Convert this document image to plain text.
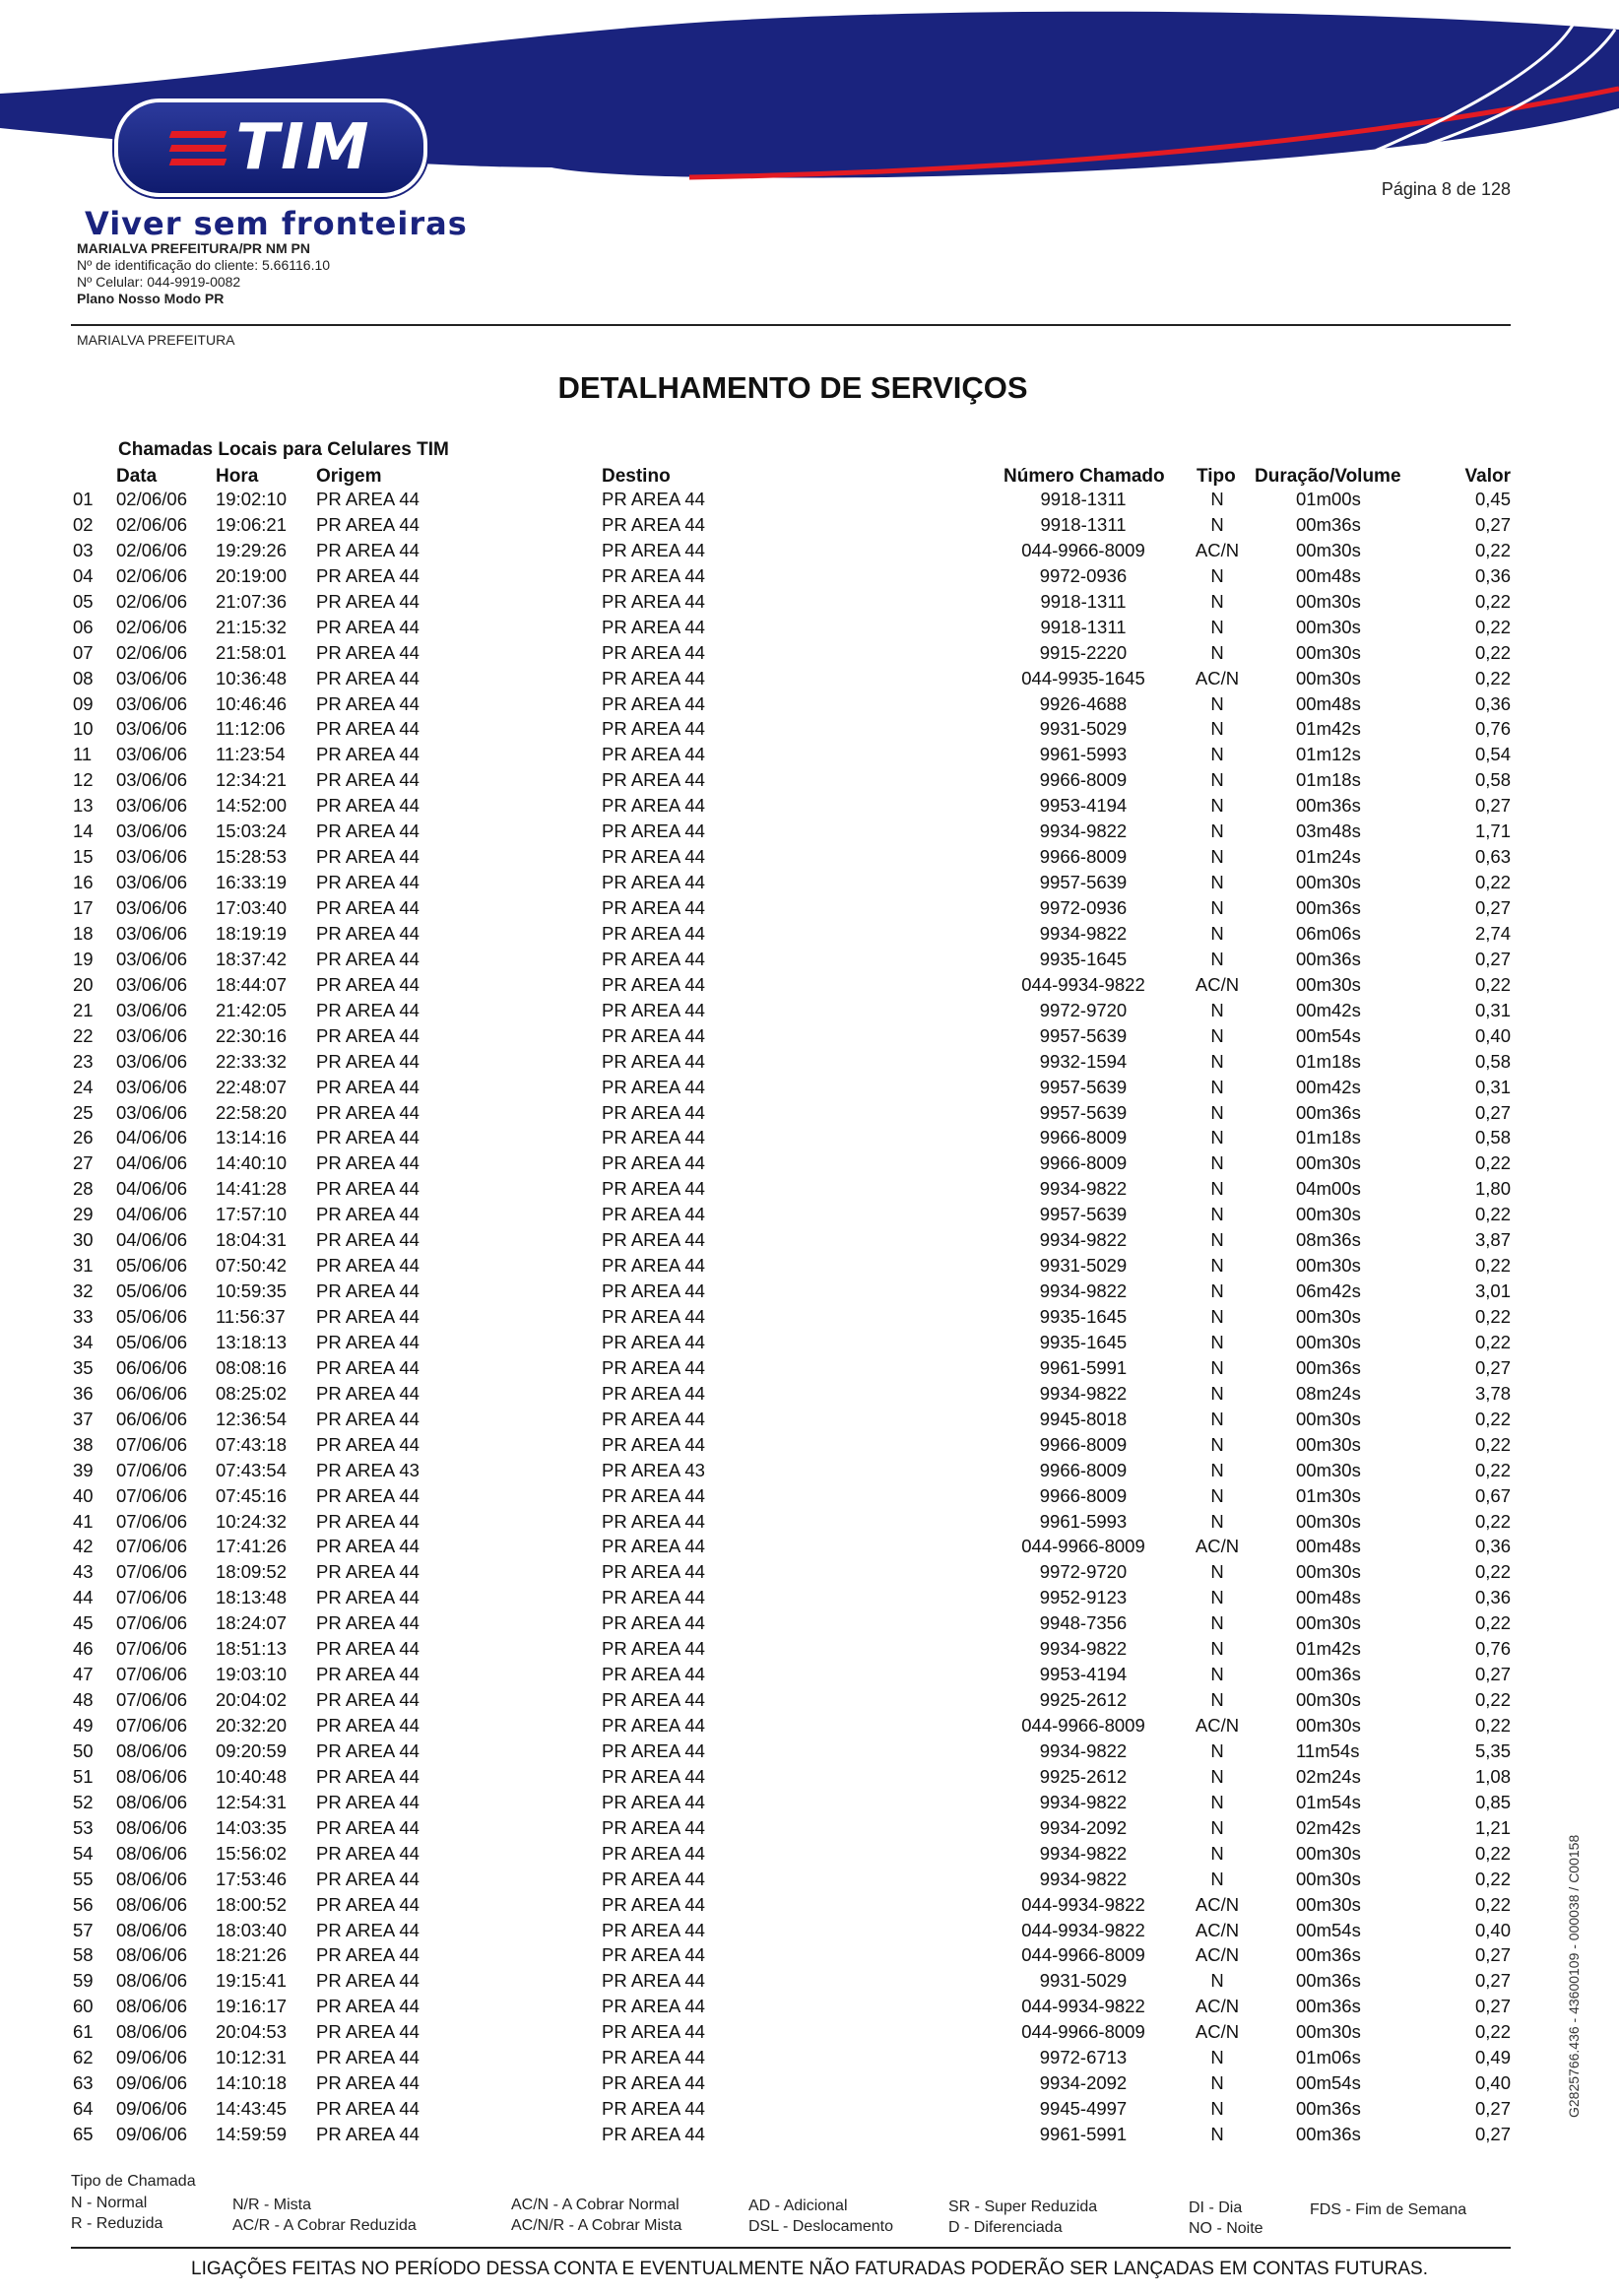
TIM
Viver sem fronteiras
Página 8 de 128
MARIALVA PREFEITURA/PR NM PN
Nº de identificação do cliente: 5.66116.10
Nº Celular: 044-9919-0082
Plano Nosso Modo PR
MARIALVA PREFEITURA
DETALHAMENTO DE SERVIÇOS
Chamadas Locais para Celulares TIM
Data	Hora	Origem	Destino	Número Chamado Tipo Duração/Volume	Valor
01 02/06/06 19:02:10 PR AREA 44	PR AREA 44	9918-1311	N	01m00s	0,45
02 02/06/06 19:06:21 PR AREA 44	PR AREA 44	9918-1311	N	00m36s	0,27
03 02/06/06 19:29:26 PR AREA 44	PR AREA 44	044-9966-8009	AC/N	00m30s	0,22
04 02/06/06 20:19:00 PR AREA 44	PR AREA 44	9972-0936	N	00m48s	0,36
05 02/06/06 21:07:36 PR AREA 44	PR AREA 44	9918-1311	N	00m30s	0,22
06 02/06/06 21:15:32 PR AREA 44	PR AREA 44	9918-1311	N	00m30s	0,22
07 02/06/06 21:58:01 PR AREA 44	PR AREA 44	9915-2220	N	00m30s	0,22
08 03/06/06 10:36:48 PR AREA 44	PR AREA 44	044-9935-1645	AC/N	00m30s	0,22
09 03/06/06 10:46:46 PR AREA 44	PR AREA 44	9926-4688	N	00m48s	0,36
10 03/06/06 11:12:06 PR AREA 44	PR AREA 44	9931-5029	N	01m42s	0,76
11 03/06/06 11:23:54 PR AREA 44	PR AREA 44	9961-5993	N	01m12s	0,54
12 03/06/06 12:34:21 PR AREA 44	PR AREA 44	9966-8009	N	01m18s	0,58
13 03/06/06 14:52:00 PR AREA 44	PR AREA 44	9953-4194	N	00m36s	0,27
14 03/06/06 15:03:24 PR AREA 44	PR AREA 44	9934-9822	N	03m48s	1,71
15 03/06/06 15:28:53 PR AREA 44	PR AREA 44	9966-8009	N	01m24s	0,63
16 03/06/06 16:33:19 PR AREA 44	PR AREA 44	9957-5639	N	00m30s	0,22
17 03/06/06 17:03:40 PR AREA 44	PR AREA 44	9972-0936	N	00m36s	0,27
18 03/06/06 18:19:19 PR AREA 44	PR AREA 44	9934-9822	N	06m06s	2,74
19 03/06/06 18:37:42 PR AREA 44	PR AREA 44	9935-1645	N	00m36s	0,27
20 03/06/06 18:44:07 PR AREA 44	PR AREA 44	044-9934-9822	AC/N	00m30s	0,22
21 03/06/06 21:42:05 PR AREA 44	PR AREA 44	9972-9720	N	00m42s	0,31
22 03/06/06 22:30:16 PR AREA 44	PR AREA 44	9957-5639	N	00m54s	0,40
23 03/06/06 22:33:32 PR AREA 44	PR AREA 44	9932-1594	N	01m18s	0,58
24 03/06/06 22:48:07 PR AREA 44	PR AREA 44	9957-5639	N	00m42s	0,31
25 03/06/06 22:58:20 PR AREA 44	PR AREA 44	9957-5639	N	00m36s	0,27
26 04/06/06 13:14:16 PR AREA 44	PR AREA 44	9966-8009	N	01m18s	0,58
27 04/06/06 14:40:10 PR AREA 44	PR AREA 44	9966-8009	N	00m30s	0,22
28 04/06/06 14:41:28 PR AREA 44	PR AREA 44	9934-9822	N	04m00s	1,80
29 04/06/06 17:57:10 PR AREA 44	PR AREA 44	9957-5639	N	00m30s	0,22
30 04/06/06 18:04:31 PR AREA 44	PR AREA 44	9934-9822	N	08m36s	3,87
31 05/06/06 07:50:42 PR AREA 44	PR AREA 44	9931-5029	N	00m30s	0,22
32 05/06/06 10:59:35 PR AREA 44	PR AREA 44	9934-9822	N	06m42s	3,01
33 05/06/06 11:56:37 PR AREA 44	PR AREA 44	9935-1645	N	00m30s	0,22
34 05/06/06 13:18:13 PR AREA 44	PR AREA 44	9935-1645	N	00m30s	0,22
35 06/06/06 08:08:16 PR AREA 44	PR AREA 44	9961-5991	N	00m36s	0,27
36 06/06/06 08:25:02 PR AREA 44	PR AREA 44	9934-9822	N	08m24s	3,78
37 06/06/06 12:36:54 PR AREA 44	PR AREA 44	9945-8018	N	00m30s	0,22
38 07/06/06 07:43:18 PR AREA 44	PR AREA 44	9966-8009	N	00m30s	0,22
39 07/06/06 07:43:54 PR AREA 43	PR AREA 43	9966-8009	N	00m30s	0,22
40 07/06/06 07:45:16 PR AREA 44	PR AREA 44	9966-8009	N	01m30s	0,67
41 07/06/06 10:24:32 PR AREA 44	PR AREA 44	9961-5993	N	00m30s	0,22
42 07/06/06 17:41:26 PR AREA 44	PR AREA 44	044-9966-8009	AC/N	00m48s	0,36
43 07/06/06 18:09:52 PR AREA 44	PR AREA 44	9972-9720	N	00m30s	0,22
44 07/06/06 18:13:48 PR AREA 44	PR AREA 44	9952-9123	N	00m48s	0,36
45 07/06/06 18:24:07 PR AREA 44	PR AREA 44	9948-7356	N	00m30s	0,22
46 07/06/06 18:51:13 PR AREA 44	PR AREA 44	9934-9822	N	01m42s	0,76
47 07/06/06 19:03:10 PR AREA 44	PR AREA 44	9953-4194	N	00m36s	0,27
48 07/06/06 20:04:02 PR AREA 44	PR AREA 44	9925-2612	N	00m30s	0,22
49 07/06/06 20:32:20 PR AREA 44	PR AREA 44	044-9966-8009	AC/N	00m30s	0,22
50 08/06/06 09:20:59 PR AREA 44	PR AREA 44	9934-9822	N	11m54s	5,35
51 08/06/06 10:40:48 PR AREA 44	PR AREA 44	9925-2612	N	02m24s	1,08
52 08/06/06 12:54:31 PR AREA 44	PR AREA 44	9934-9822	N	01m54s	0,85
53 08/06/06 14:03:35 PR AREA 44	PR AREA 44	9934-2092	N	02m42s	1,21
54 08/06/06 15:56:02 PR AREA 44	PR AREA 44	9934-9822	N	00m30s	0,22
55 08/06/06 17:53:46 PR AREA 44	PR AREA 44	9934-9822	N	00m30s	0,22
56 08/06/06 18:00:52 PR AREA 44	PR AREA 44	044-9934-9822	AC/N	00m30s	0,22
57 08/06/06 18:03:40 PR AREA 44	PR AREA 44	044-9934-9822	AC/N	00m54s	0,40
58 08/06/06 18:21:26 PR AREA 44	PR AREA 44	044-9966-8009	AC/N	00m36s	0,27
59 08/06/06 19:15:41 PR AREA 44	PR AREA 44	9931-5029	N	00m36s	0,27
60 08/06/06 19:16:17 PR AREA 44	PR AREA 44	044-9934-9822	AC/N	00m36s	0,27
61 08/06/06 20:04:53 PR AREA 44	PR AREA 44	044-9966-8009	AC/N	00m30s	0,22
62 09/06/06 10:12:31 PR AREA 44	PR AREA 44	9972-6713	N	01m06s	0,49
63 09/06/06 14:10:18 PR AREA 44	PR AREA 44	9934-2092	N	00m54s	0,40
64 09/06/06 14:43:45 PR AREA 44	PR AREA 44	9945-4997	N	00m36s	0,27
65 09/06/06 14:59:59 PR AREA 44	PR AREA 44	9961-5991	N	00m36s	0,27
Tipo de Chamada
N - Normal
R - Reduzida
N/R - Mista
AC/R - A Cobrar Reduzida
AC/N - A Cobrar Normal
AC/N/R - A Cobrar Mista
AD - Adicional
DSL - Deslocamento
SR - Super Reduzida
D - Diferenciada
DI - Dia
NO - Noite
FDS - Fim de Semana
LIGAÇÕES FEITAS NO PERÍODO DESSA CONTA E EVENTUALMENTE NÃO FATURADAS PODERÃO SER LANÇADAS EM CONTAS FUTURAS.
G2825766.436 - 43600109 - 000038 / C00158
